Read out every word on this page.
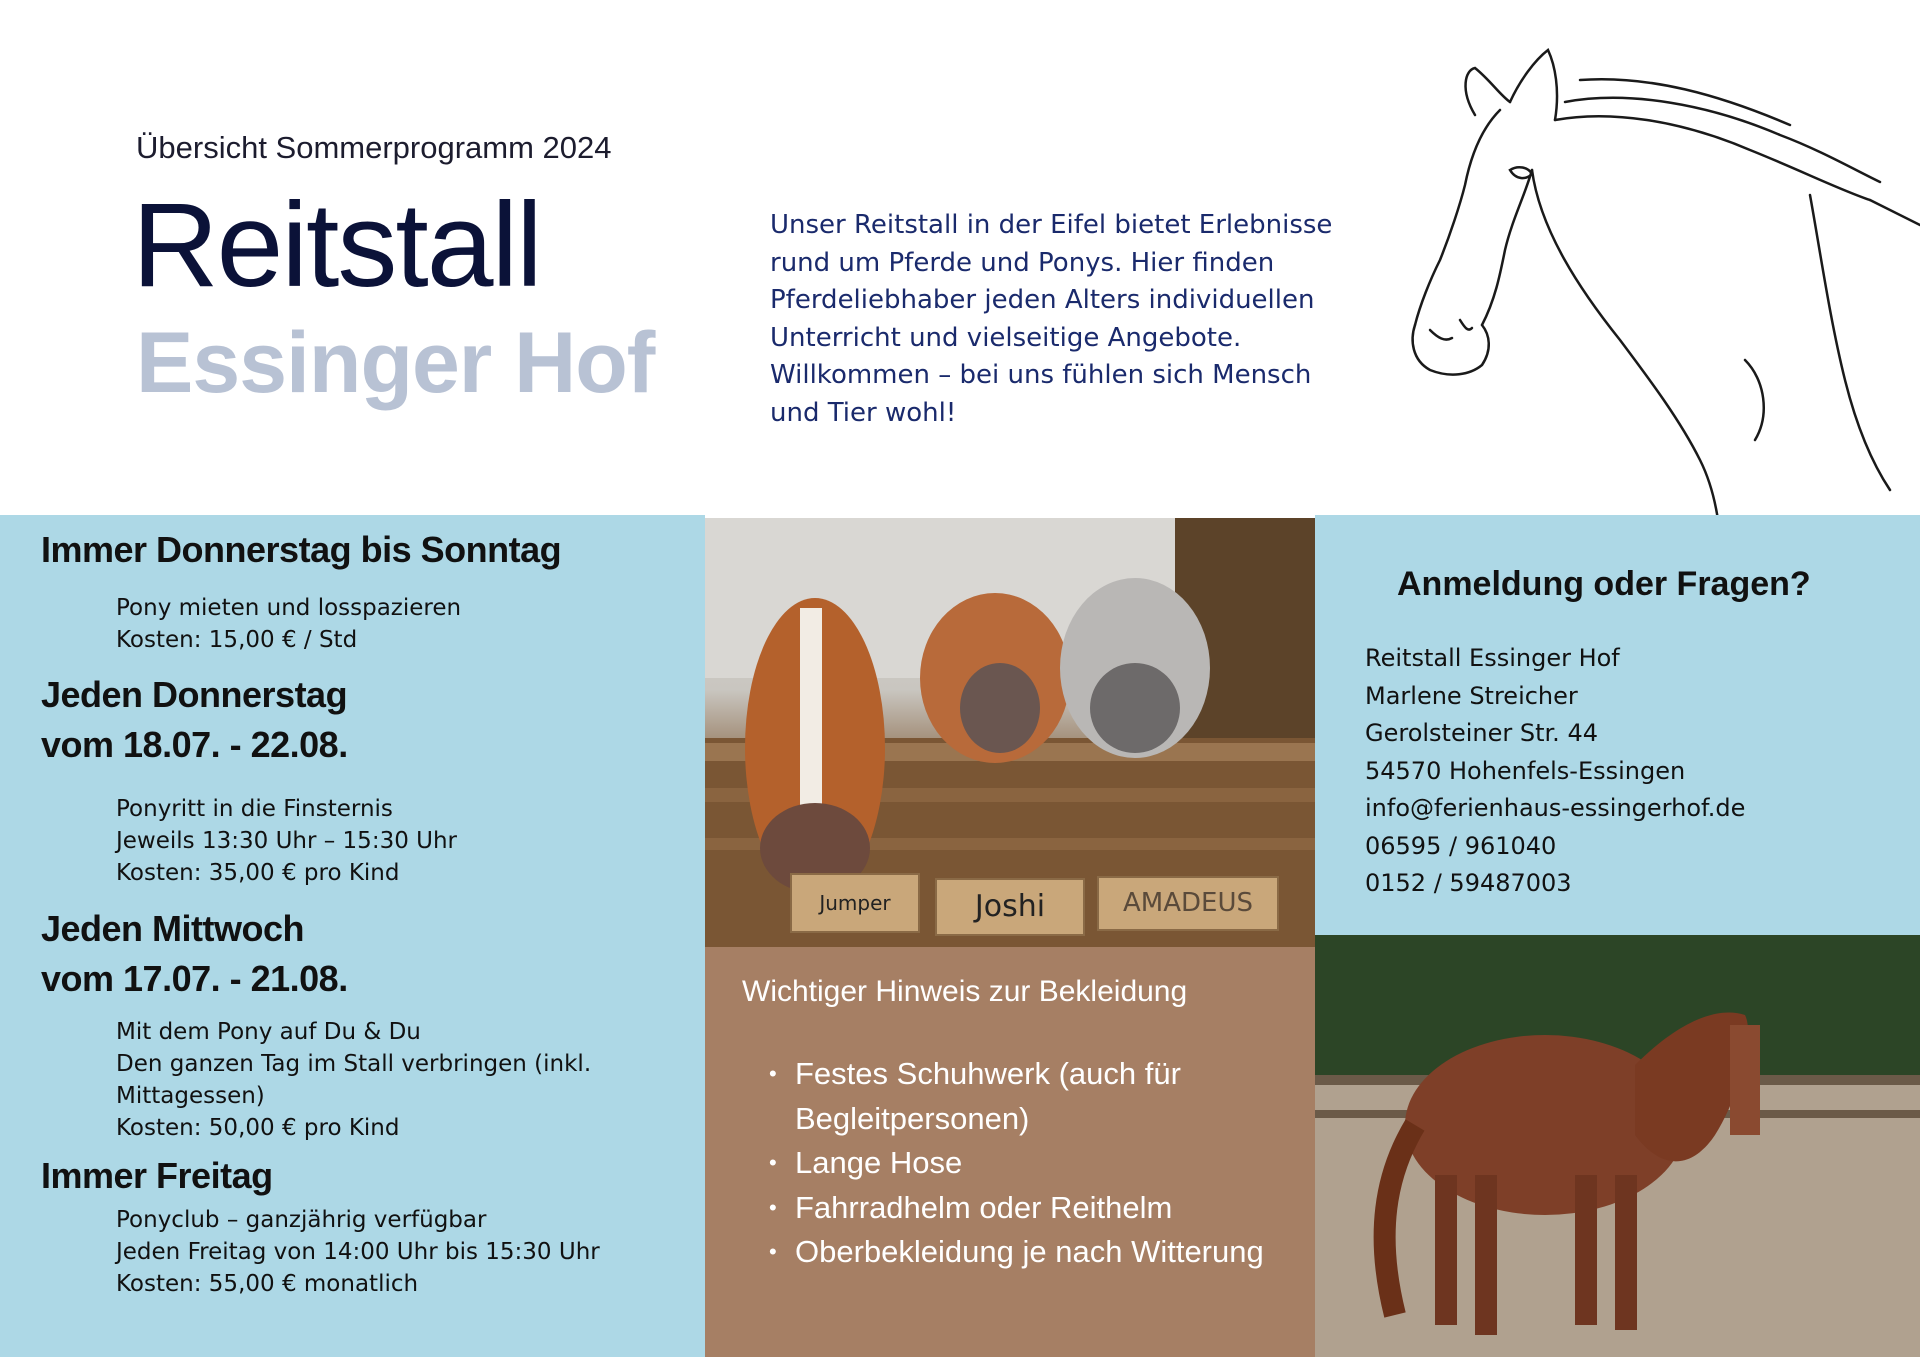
Übersicht Sommerprogramm 2024
Reitstall
Essinger Hof

Unser Reitstall in der Eifel bietet Erlebnisse rund um Pferde und Ponys. Hier finden Pferdeliebhaber jeden Alters individuellen Unterricht und vielseitige Angebote. Willkommen – bei uns fühlen sich Mensch und Tier wohl!

Jumper	Joshi	AMADEUS
Immer Donnerstag bis Sonntag
Pony mieten und losspazieren
Kosten: 15,00 € / Std
Jeden Donnerstag
vom 18.07. - 22.08.
Ponyritt in die Finsternis
Jeweils 13:30 Uhr – 15:30 Uhr
Kosten: 35,00 € pro Kind
Jeden Mittwoch
vom 17.07. - 21.08.
Mit dem Pony auf Du & Du
Den ganzen Tag im Stall verbringen (inkl.
Mittagessen)
Kosten: 50,00 € pro Kind
Immer Freitag
Ponyclub – ganzjährig verfügbar
Jeden Freitag von 14:00 Uhr bis 15:30 Uhr
Kosten: 55,00 € monatlich
Anmeldung oder Fragen?
Reitstall Essinger Hof
Marlene Streicher
Gerolsteiner Str. 44
54570 Hohenfels-Essingen
info@ferienhaus-essingerhof.de
06595 / 961040
0152 / 59487003
Wichtiger Hinweis zur Bekleidung
• Festes Schuhwerk (auch für Begleitpersonen)
• Lange Hose
• Fahrradhelm oder Reithelm
• Oberbekleidung je nach Witterung
